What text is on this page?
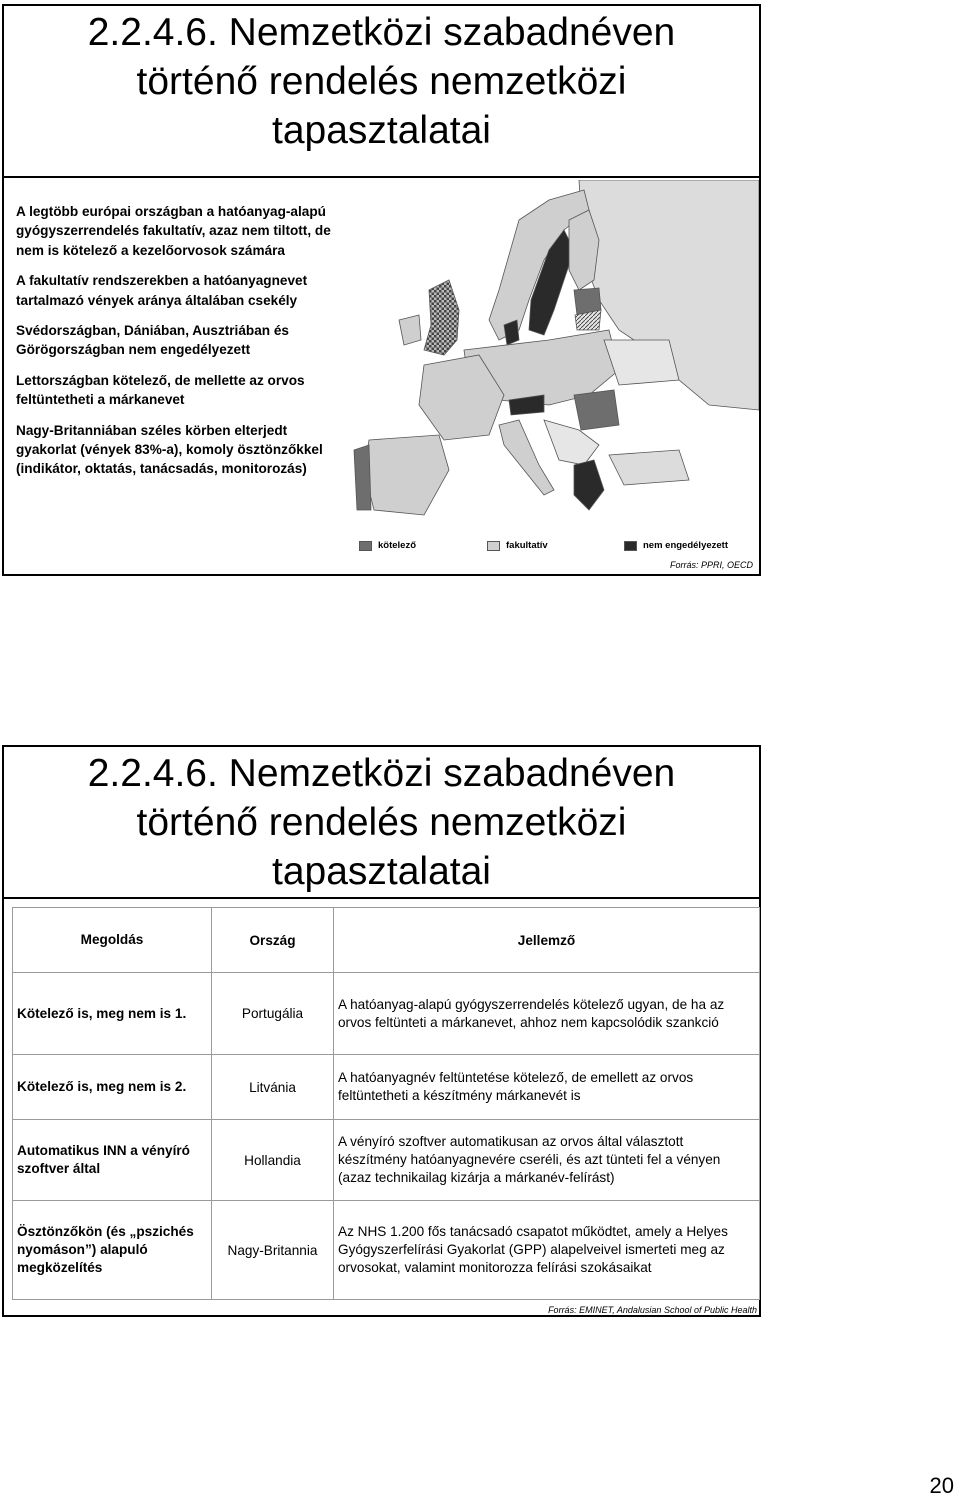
2.2.4.6. Nemzetközi szabadnéven
történő rendelés nemzetközi
tapasztalatai
A legtöbb európai országban a hatóanyag-alapú gyógyszerrendelés fakultatív, azaz nem tiltott, de nem is kötelező a kezelőorvosok számára
A fakultatív rendszerekben a hatóanyagnevet tartalmazó vények aránya általában csekély
Svédországban, Dániában, Ausztriában és Görögországban nem engedélyezett
Lettországban kötelező, de mellette az orvos feltüntetheti a márkanevet
Nagy-Britanniában széles körben elterjedt gyakorlat (vények 83%-a), komoly ösztönzőkkel (indikátor, oktatás, tanácsadás, monitorozás)
kötelező	fakultatív	nem engedélyezett
Forrás: PPRI, OECD
2.2.4.6. Nemzetközi szabadnéven
történő rendelés nemzetközi
tapasztalatai
Megoldás	Ország	Jellemző
Kötelező is, meg nem is 1.	Portugália	A hatóanyag-alapú gyógyszerrendelés kötelező ugyan, de ha az orvos feltünteti a márkanevet, ahhoz nem kapcsolódik szankció
Kötelező is, meg nem is 2.	Litvánia	A hatóanyagnév feltüntetése kötelező, de emellett az orvos feltüntetheti a készítmény márkanevét is
Automatikus INN a vényíró szoftver által	Hollandia	A vényíró szoftver automatikusan az orvos által választott készítmény hatóanyagnevére cseréli, és azt tünteti fel a vényen (azaz technikailag kizárja a márkanév-felírást)
Ösztönzőkön (és „pszichés nyomáson”) alapuló megközelítés	Nagy-Britannia	Az NHS 1.200 fős tanácsadó csapatot működtet, amely a Helyes Gyógyszerfelírási Gyakorlat (GPP) alapelveivel ismerteti meg az orvosokat, valamint monitorozza felírási szokásaikat
Forrás: EMINET, Andalusian School of Public Health
20
